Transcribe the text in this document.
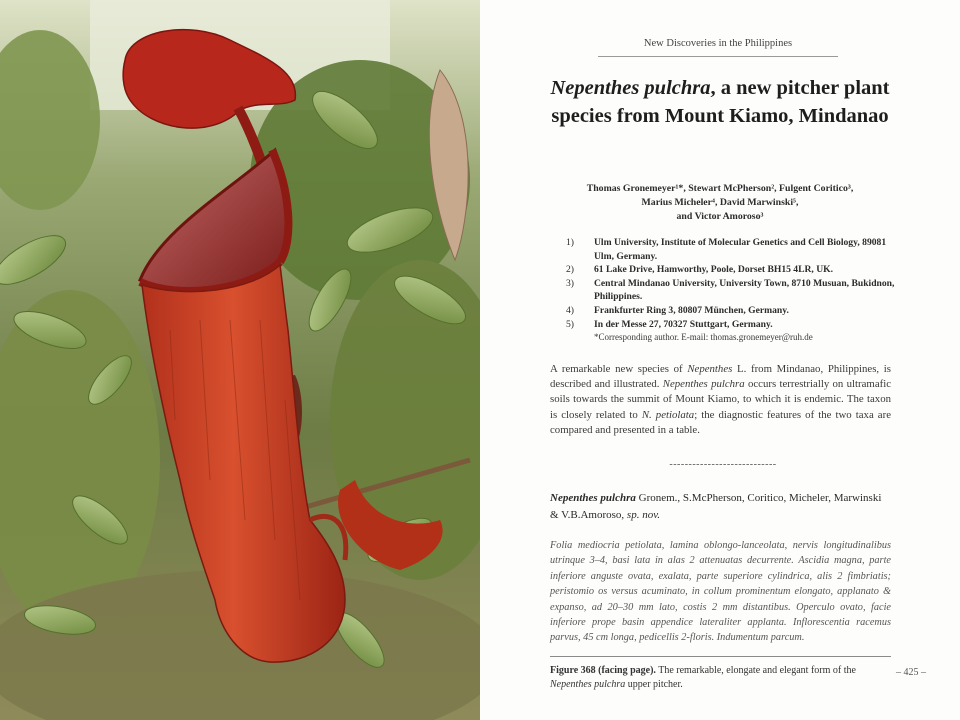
New Discoveries in the Philippines
Nepenthes pulchra, a new pitcher plant species from Mount Kiamo, Mindanao
Thomas Gronemeyer¹*, Stewart McPherson², Fulgent Coritico³,
Marius Micheler⁴, David Marwinski⁵,
and Victor Amoroso³
1)	Ulm University, Institute of Molecular Genetics and Cell Biology, 89081 Ulm, Germany.
2)	61 Lake Drive, Hamworthy, Poole, Dorset BH15 4LR, UK.
3)	Central Mindanao University, University Town, 8710 Musuan, Bukidnon, Philippines.
4)	Frankfurter Ring 3, 80807 München, Germany.
5)	In der Messe 27, 70327 Stuttgart, Germany.
*Corresponding author. E-mail: thomas.gronemeyer@ruh.de
A remarkable new species of Nepenthes L. from Mindanao, Philippines, is described and illustrated. Nepenthes pulchra occurs terrestrially on ultramafic soils towards the summit of Mount Kiamo, to which it is endemic. The taxon is closely related to N. petiolata; the diagnostic features of the two taxa are compared and presented in a table.
----------------------------
Nepenthes pulchra Gronem., S.McPherson, Coritico, Micheler, Marwinski & V.B.Amoroso, sp. nov.
Folia mediocria petiolata, lamina oblongo-lanceolata, nervis longitudinalibus utrinque 3–4, basi lata in alas 2 attenuatas decurrente. Ascidia magna, parte inferiore anguste ovata, exalata, parte superiore cylindrica, alis 2 fimbriatis; peristomio os versus acuminato, in collum prominentum elongato, applanato & expanso, ad 20–30 mm lato, costis 2 mm distantibus. Operculo ovato, facie inferiore prope basin appendice lateraliter applanta. Inflorescentia racemus parvus, 45 cm longa, pedicellis 2-floris. Indumentum parcum.
Figure 368 (facing page). The remarkable, elongate and elegant form of the Nepenthes pulchra upper pitcher.
– 425 –
